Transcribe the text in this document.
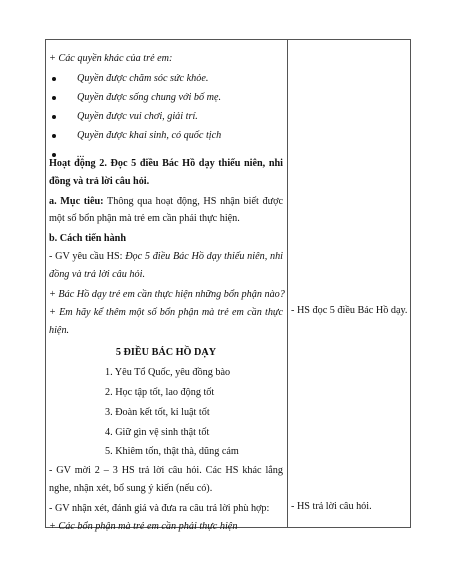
+ Các quyền khác của trẻ em:
Quyền được chăm sóc sức khỏe.
Quyền được sống chung với bố mẹ.
Quyền được vui chơi, giải trí.
Quyền được khai sinh, có quốc tịch
...
Hoạt động 2. Đọc 5 điều Bác Hồ dạy thiếu niên, nhi
đồng và trả lời câu hỏi.
a. Mục tiêu: Thông qua hoạt động, HS nhận biết được
một số bổn phận mà trẻ em cần phải thực hiện.
b. Cách tiến hành
- GV yêu cầu HS: Đọc 5 điều Bác Hồ dạy thiếu niên, nhi
đồng và trả lời câu hỏi.
+ Bác Hồ dạy trẻ em cần thực hiện những bổn phận nào?
+ Em hãy kể thêm một số bổn phận mà trẻ em cần thực
hiện.
5 ĐIỀU BÁC HỒ DẠY
1. Yêu Tổ Quốc, yêu đồng bào
2. Học tập tốt, lao động tốt
3. Đoàn kết tốt, kỉ luật tốt
4. Giữ gìn vệ sinh thật tốt
5. Khiêm tốn, thật thà, dũng cảm
- GV mời 2 – 3 HS trả lời câu hỏi. Các HS khác lắng
nghe, nhận xét, bổ sung ý kiến (nếu có).
- GV nhận xét, đánh giá và đưa ra câu trả lời phù hợp:
+ Các bổn phận mà trẻ em cần phải thực hiện
- HS đọc 5 điều Bác Hồ dạy.
- HS trả lời câu hỏi.
